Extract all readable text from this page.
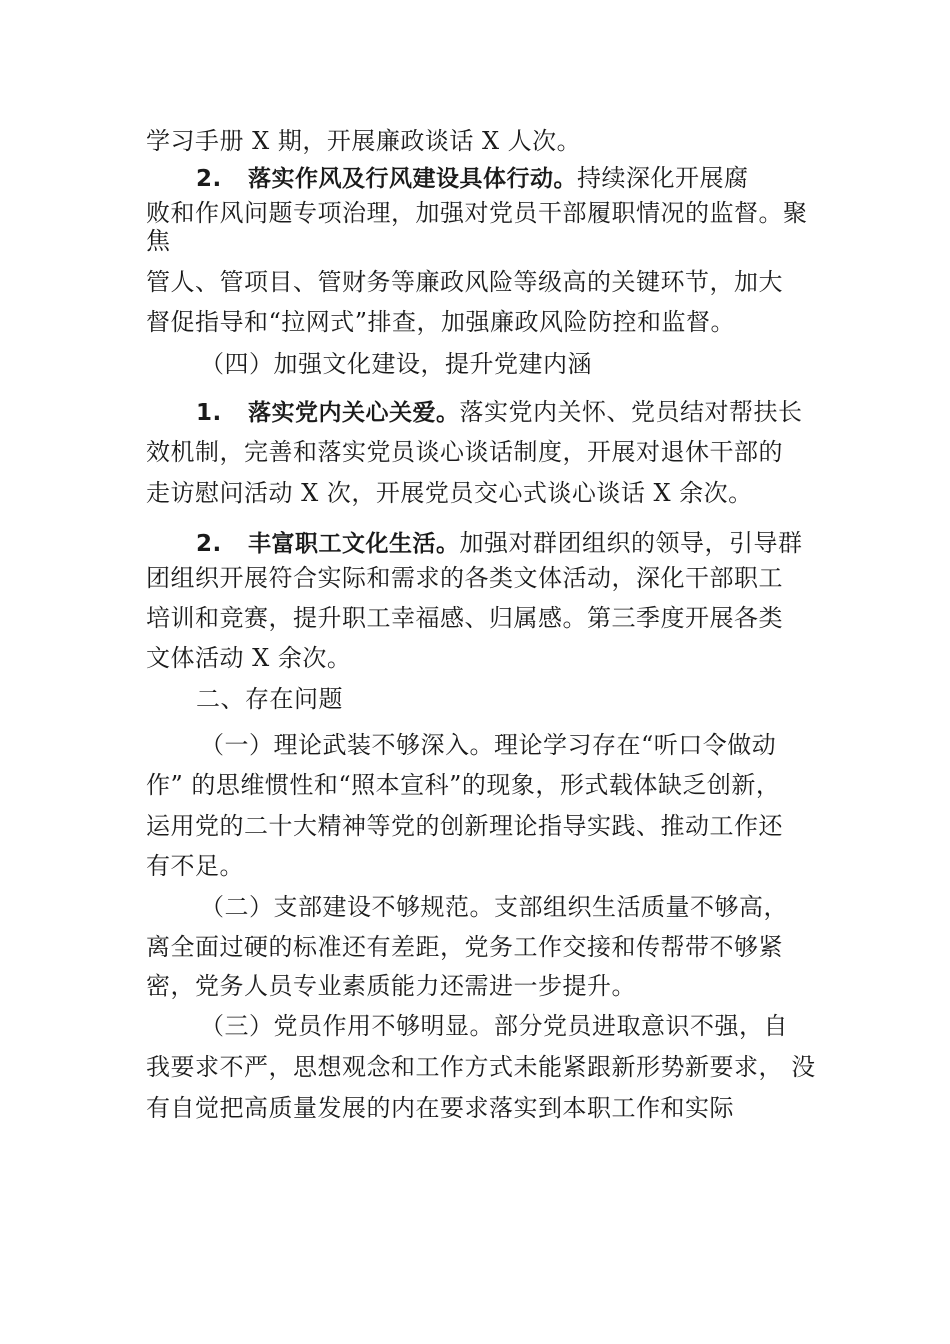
学习手册 X 期，开展廉政谈话 X 人次。

2. 落实作风及行风建设具体行动。持续深化开展腐

败和作风问题专项治理，加强对党员干部履职情况的监督。聚

焦

管人、管项目、管财务等廉政风险等级高的关键环节，加大

督促指导和“拉网式”排查，加强廉政风险防控和监督。

（四）加强文化建设，提升党建内涵

1. 落实党内关心关爱。落实党内关怀、党员结对帮扶长

效机制，完善和落实党员谈心谈话制度，开展对退休干部的

走访慰问活动 X 次，开展党员交心式谈心谈话 X 余次。

2. 丰富职工文化生活。加强对群团组织的领导，引导群

团组织开展符合实际和需求的各类文体活动，深化干部职工

培训和竞赛，提升职工幸福感、归属感。第三季度开展各类

文体活动 X 余次。

二、存在问题

（一）理论武装不够深入。理论学习存在“听口令做动

作” 的思维惯性和“照本宣科”的现象，形式载体缺乏创新，

运用党的二十大精神等党的创新理论指导实践、推动工作还

有不足。

（二）支部建设不够规范。支部组织生活质量不够高，

离全面过硬的标准还有差距，党务工作交接和传帮带不够紧

密，党务人员专业素质能力还需进一步提升。

（三）党员作用不够明显。部分党员进取意识不强，自

我要求不严，思想观念和工作方式未能紧跟新形势新要求， 没

有自觉把高质量发展的内在要求落实到本职工作和实际
